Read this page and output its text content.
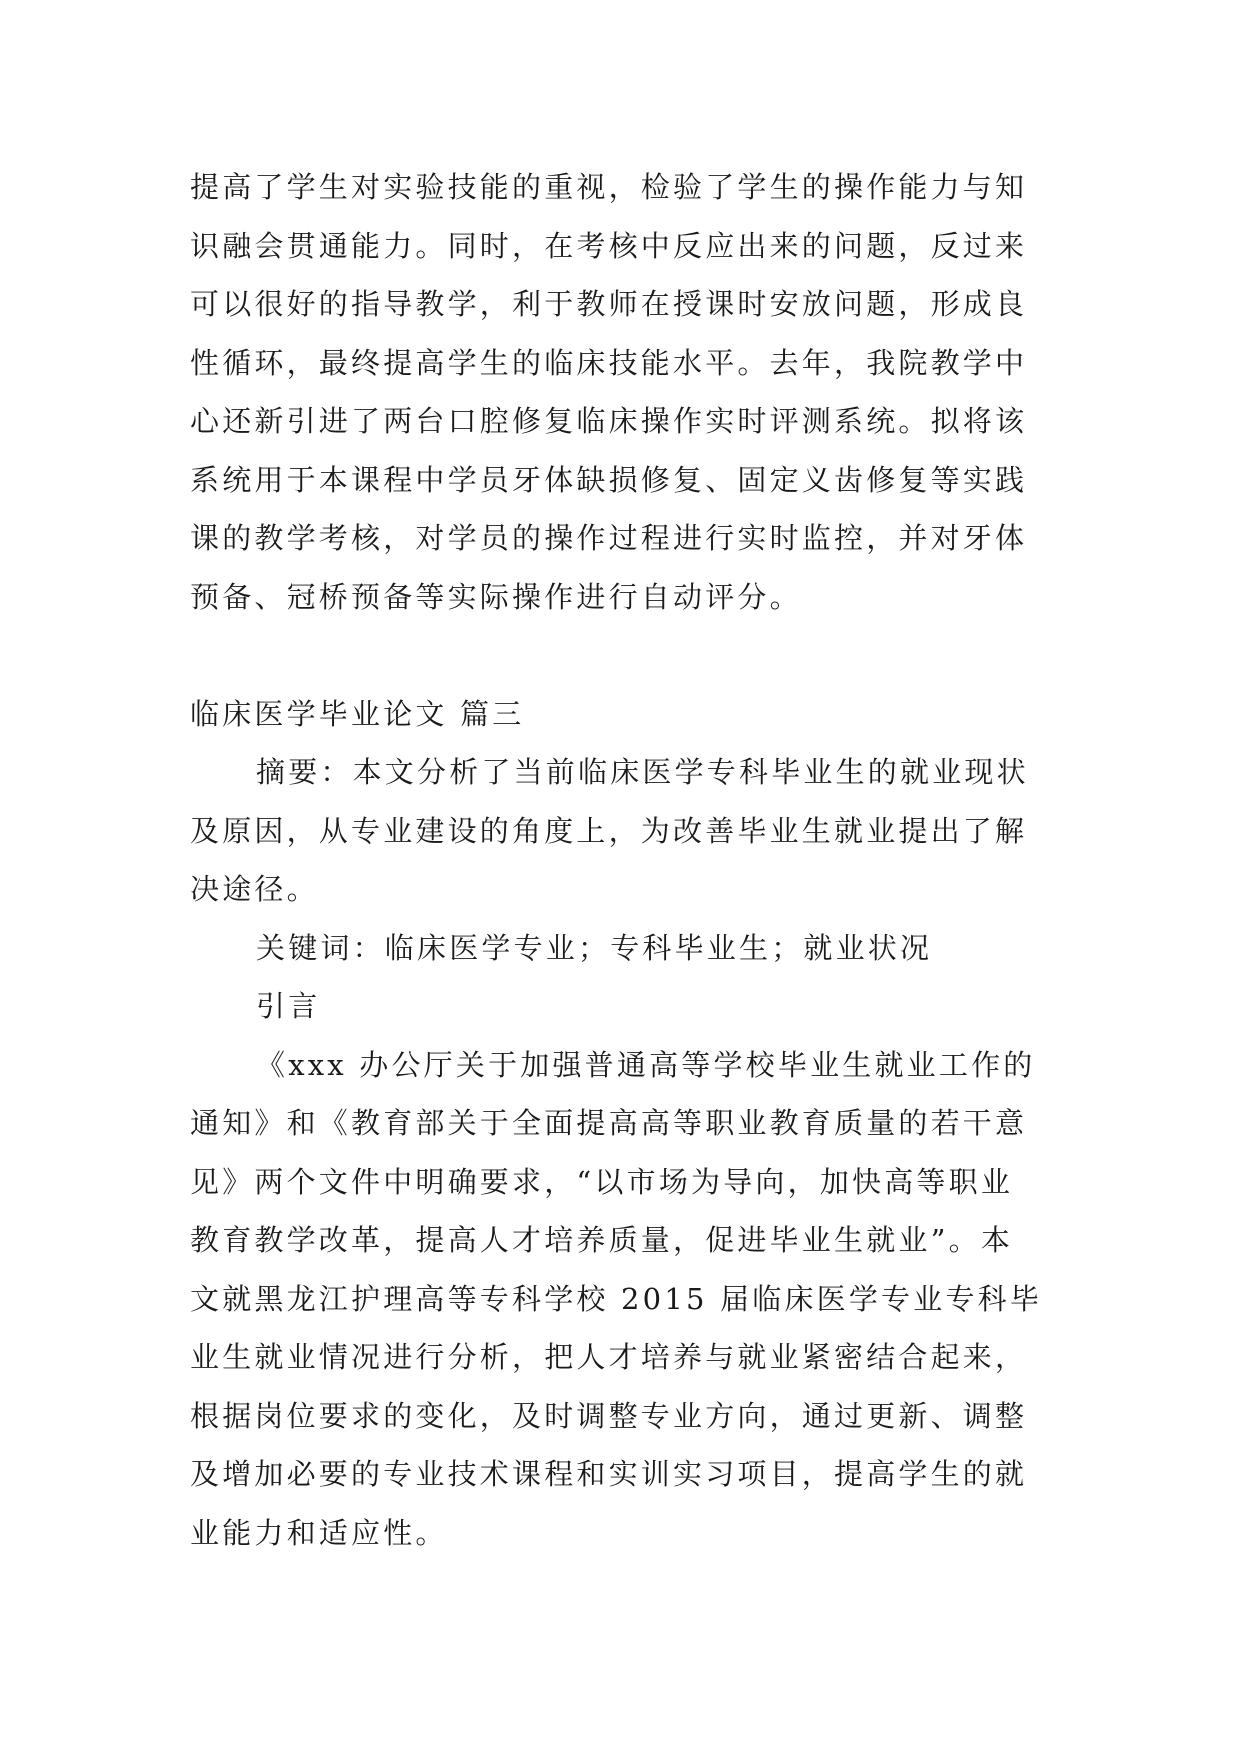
提高了学生对实验技能的重视，检验了学生的操作能力与知

识融会贯通能力。同时，在考核中反应出来的问题，反过来

可以很好的指导教学，利于教师在授课时安放问题，形成良

性循环，最终提高学生的临床技能水平。去年，我院教学中

心还新引进了两台口腔修复临床操作实时评测系统。拟将该

系统用于本课程中学员牙体缺损修复、固定义齿修复等实践

课的教学考核，对学员的操作过程进行实时监控，并对牙体

预备、冠桥预备等实际操作进行自动评分。

临床医学毕业论文 篇三

摘要：本文分析了当前临床医学专科毕业生的就业现状

及原因，从专业建设的角度上，为改善毕业生就业提出了解

决途径。

关键词：临床医学专业；专科毕业生；就业状况

引言

《xxx 办公厅关于加强普通高等学校毕业生就业工作的

通知》和《教育部关于全面提高高等职业教育质量的若干意

见》两个文件中明确要求，“以市场为导向，加快高等职业

教育教学改革，提高人才培养质量，促进毕业生就业”。本

文就黑龙江护理高等专科学校 2015 届临床医学专业专科毕

业生就业情况进行分析，把人才培养与就业紧密结合起来，

根据岗位要求的变化，及时调整专业方向，通过更新、调整

及增加必要的专业技术课程和实训实习项目，提高学生的就

业能力和适应性。
